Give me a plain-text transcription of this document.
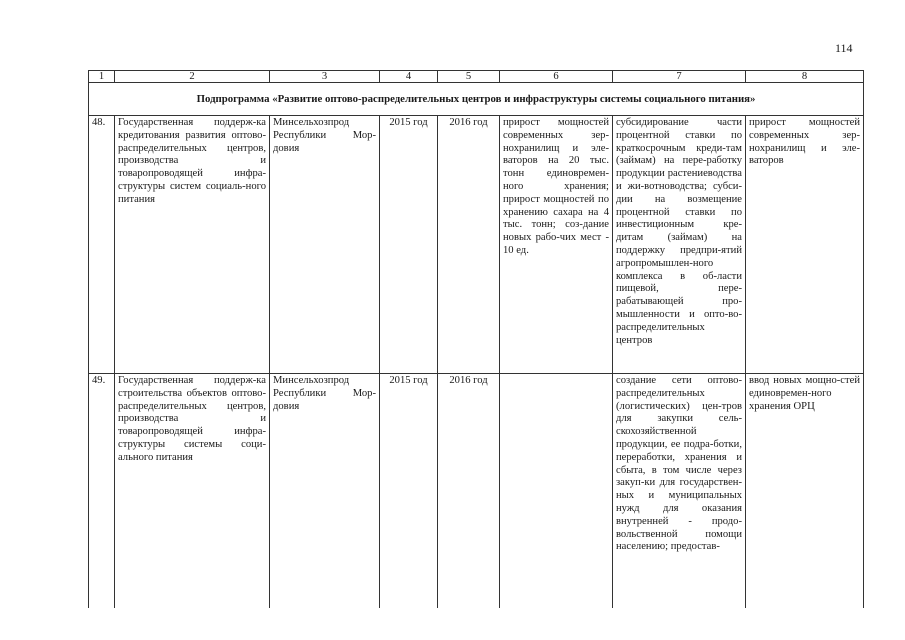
114
1	2	3	4	5	6	7	8
Подпрограмма «Развитие оптово-распределительных центров и инфраструктуры системы социального питания»							
48.	Государственная поддерж-ка кредитования развития оптово-распределительных центров, производства и товаропроводящей инфра-структуры систем социаль-ного питания	Минсельхозпрод Республики Мор-довия	2015 год	2016 год	прирост мощностей современных зер-нохранилищ и эле-ваторов на 20 тыс. тонн единовремен-ного хранения; прирост мощностей по хранению сахара на 4 тыс. тонн; соз-дание новых рабо-чих мест - 10 ед.	субсидирование части процентной ставки по краткосрочным креди-там (займам) на пере-работку продукции растениеводства и жи-вотноводства; субси-дии на возмещение процентной ставки по инвестиционным кре-дитам (займам) на поддержку предпри-ятий агропромышлен-ного комплекса в об-ласти пищевой, пере-рабатывающей про-мышленности и опто-во-распределительных центров	прирост мощностей современных зер-нохранилищ и эле-ваторов
49.	Государственная поддерж-ка строительства объектов оптово-распределительных центров, производства и товаропроводящей инфра-структуры системы соци-ального питания	Минсельхозпрод Республики Мор-довия	2015 год	2016 год		создание сети оптово-распределительных (логистических) цен-тров для закупки сель-скохозяйственной продукции, ее подра-ботки, переработки, хранения и сбыта, в том числе через закуп-ки для государствен-ных и муниципальных нужд для оказания внутренней - продо-вольственной помощи населению; предостав-	ввод новых мощно-стей единовремен-ного хранения ОРЦ
